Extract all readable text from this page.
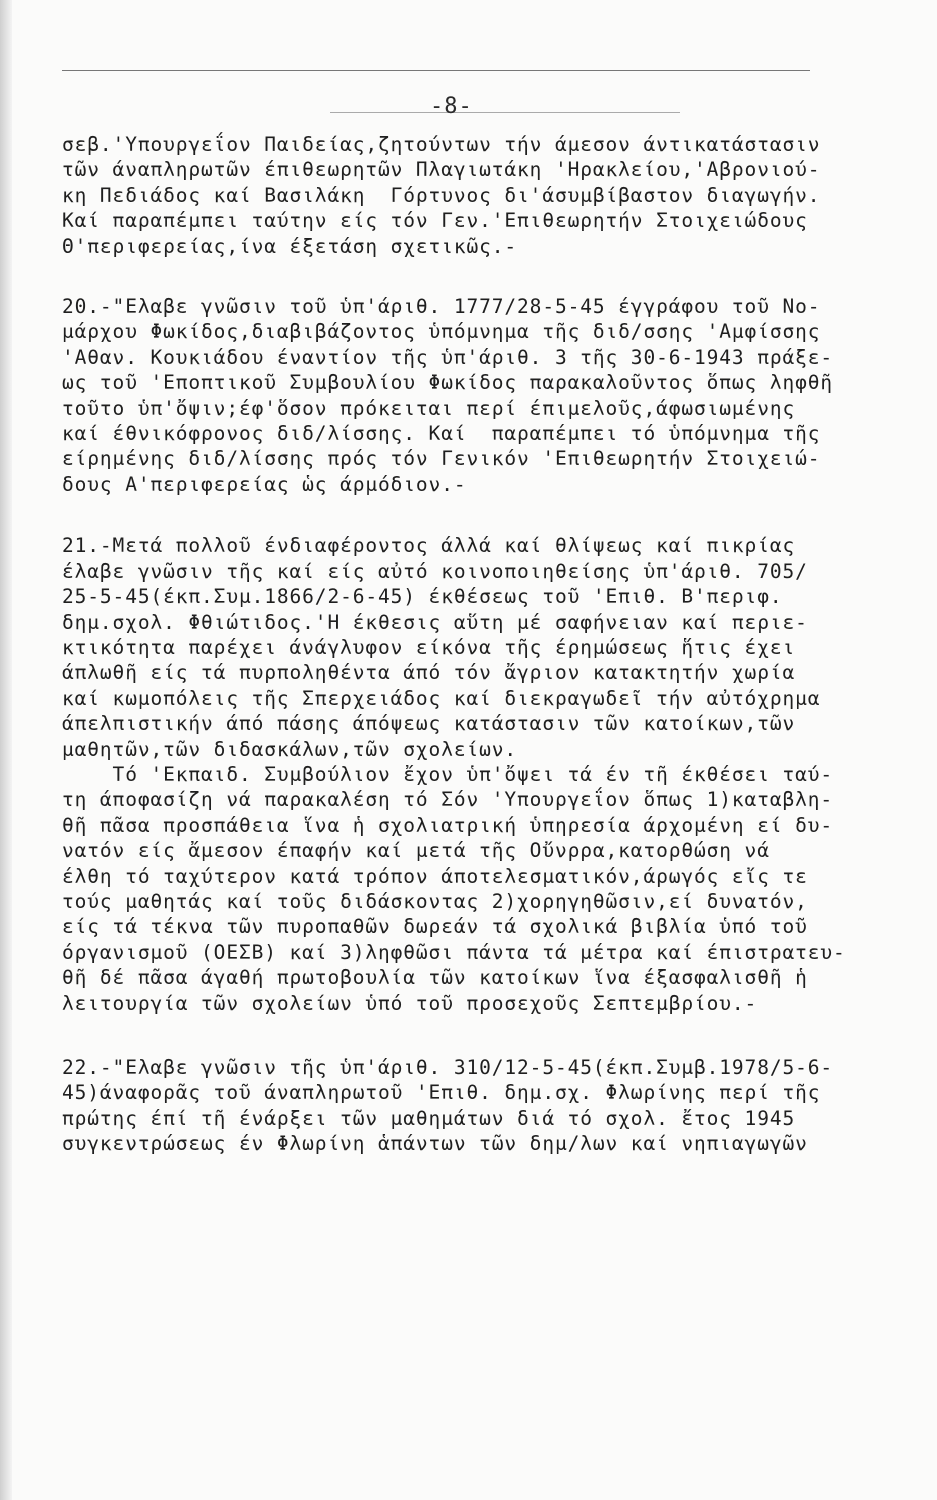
-8-
σεβ.'Υπουργεΐον Παιδείας,ζητούντων τήν άμεσον άντικατάστασιν
τῶν άναπληρωτῶν έπιθεωρητῶν Πλαγιωτάκη 'Ηρακλείου,'Αβρονιού-
κη Πεδιάδος καί Βασιλάκη  Γόρτυνος δι'άσυμβίβαστον διαγωγήν.
Καί παραπέμπει ταύτην είς τόν Γεν.'Επιθεωρητήν Στοιχειώδους
Θ'περιφερείας,ίνα έξετάση σχετικῶς.-
20.-"Ελαβε γνῶσιν τοῦ ὑπ'άριθ. 1777/28-5-45 έγγράφου τοῦ Νο-
μάρχου Φωκίδος,διαβιβάζοντος ὑπόμνημα τῆς διδ/σσης 'Αμφίσσης
'Αθαν. Κουκιάδου έναντίον τῆς ὑπ'άριθ. 3 τῆς 30-6-1943 πράξε-
ως τοῦ 'Εποπτικοῦ Συμβουλίου Φωκίδος παρακαλοῦντος ὅπως ληφθῆ
τοῦτο ὑπ'ὄψιν;έφ'ὅσον πρόκειται περί έπιμελοῦς,άφωσιωμένης
καί έθνικόφρονος διδ/λίσσης. Καί  παραπέμπει τό ὑπόμνημα τῆς
είρημένης διδ/λίσσης πρός τόν Γενικόν 'Επιθεωρητήν Στοιχειώ-
δους Α'περιφερείας ὡς άρμόδιον.-
21.-Μετά πολλοῦ ένδιαφέροντος άλλά καί θλίψεως καί πικρίας
έλαβε γνῶσιν τῆς καί είς αὐτό κοινοποιηθείσης ὑπ'άριθ. 705/
25-5-45(έκπ.Συμ.1866/2-6-45) έκθέσεως τοῦ 'Επιθ. Β'περιφ.
δημ.σχολ. Φθιώτιδος.'Η έκθεσις αὕτη μέ σαφήνειαν καί περιε-
κτικότητα παρέχει άνάγλυφον είκόνα τῆς έρημώσεως ἥτις έχει
άπλωθῆ είς τά πυρποληθέντα άπό τόν ἄγριον κατακτητήν χωρία
καί κωμοπόλεις τῆς Σπερχειάδος καί διεκραγωδεῖ τήν αὐτόχρημα
άπελπιστικήν άπό πάσης άπόψεως κατάστασιν τῶν κατοίκων,τῶν
μαθητῶν,τῶν διδασκάλων,τῶν σχολείων.
Τό 'Εκπαιδ. Συμβούλιον ἔχον ὑπ'ὄψει τά έν τῆ έκθέσει ταύ-
τη άποφασίζη νά παρακαλέση τό Σόν 'Υπουργεΐον ὅπως 1)καταβλη-
θῆ πᾶσα προσπάθεια ἵνα ἡ σχολιατρική ὑπηρεσία άρχομένη εί δυ-
νατόν είς ἄμεσον έπαφήν καί μετά τῆς Οὔνρρα,κατορθώση νά
έλθη τό ταχύτερον κατά τρόπον άποτελεσματικόν,άρωγός εἴς τε
τούς μαθητάς καί τοῦς διδάσκοντας 2)χορηγηθῶσιν,εί δυνατόν,
είς τά τέκνα τῶν πυροπαθῶν δωρεάν τά σχολικά βιβλία ὑπό τοῦ
όργανισμοῦ (ΟΕΣΒ) καί 3)ληφθῶσι πάντα τά μέτρα καί έπιστρατευ-
θῆ δέ πᾶσα άγαθή πρωτοβουλία τῶν κατοίκων ἵνα έξασφαλισθῆ ἡ
λειτουργία τῶν σχολείων ὑπό τοῦ προσεχοῦς Σεπτεμβρίου.-
22.-"Ελαβε γνῶσιν τῆς ὑπ'άριθ. 310/12-5-45(έκπ.Συμβ.1978/5-6-
45)άναφορᾶς τοῦ άναπληρωτοῦ 'Επιθ. δημ.σχ. Φλωρίνης περί τῆς
πρώτης έπί τῆ ένάρξει τῶν μαθημάτων διά τό σχολ. ἔτος 1945
συγκεντρώσεως έν Φλωρίνη ἁπάντων τῶν δημ/λων καί νηπιαγωγῶν
